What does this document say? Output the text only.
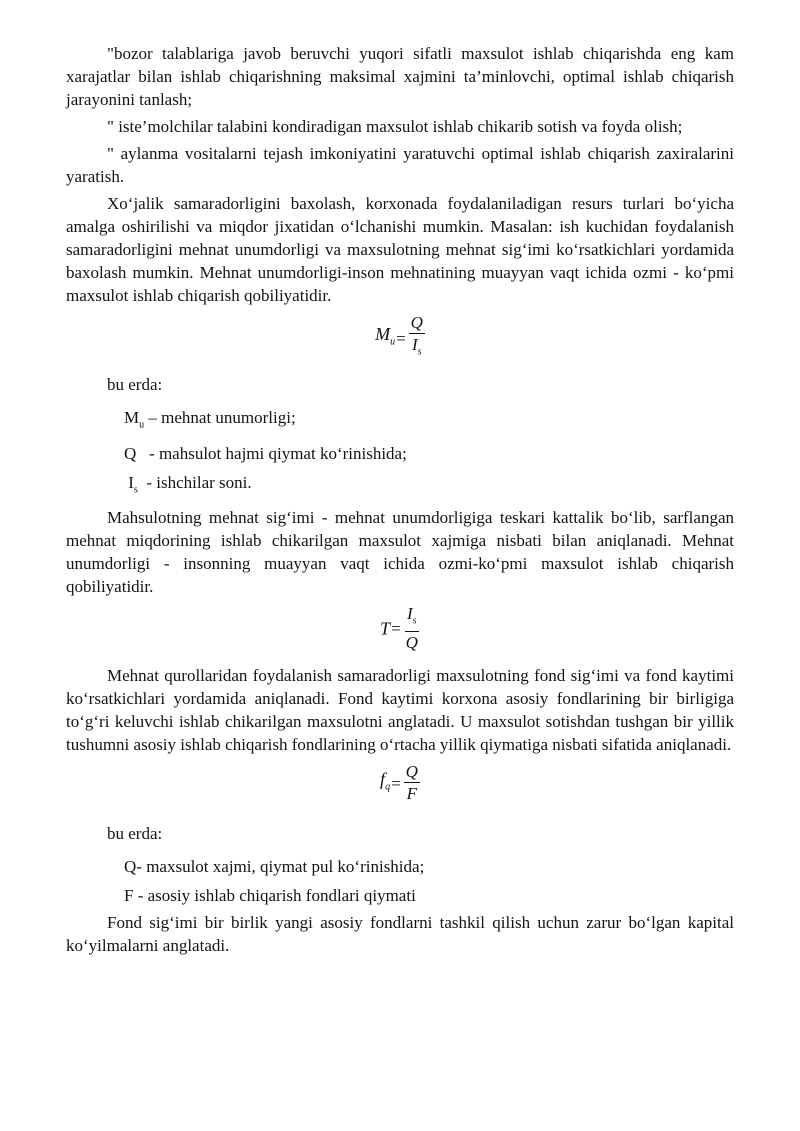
"bozor talablariga javob beruvchi yuqori sifatli maxsulot ishlab chiqarishda eng kam xarajatlar bilan ishlab chiqarishning maksimal xajmini ta’minlovchi, optimal ishlab chiqarish jarayonini tanlash;

" iste’molchilar talabini kondiradigan maxsulot ishlab chikarib sotish va foyda olish;

" aylanma vositalarni tejash imkoniyatini yaratuvchi optimal ishlab chiqarish zaxiralarini yaratish.

Xo‘jalik samaradorligini baxolash, korxonada foydalaniladigan resurs turlari bo‘yicha amalga oshirilishi va miqdor jixatidan o‘lchanishi mumkin. Masalan: ish kuchidan foydalanish samaradorligini mehnat unumdorligi va maxsulotning mehnat sig‘imi ko‘rsatkichlari yordamida baxolash mumkin. Mehnat unumdorligi-inson mehnatining muayyan vaqt ichida ozmi - ko‘pmi maxsulot ishlab chiqarish qobiliyatidir.

$M_u= \frac{Q}{I_s}$

bu erda:

$M_u$ – mehnat unumorligi;

Q   - mahsulot hajmi qiymat ko‘rinishida;

$I_s$  - ishchilar soni.

Mahsulotning mehnat sig‘imi - mehnat unumdorligiga teskari kattalik bo‘lib, sarflangan mehnat miqdorining ishlab chikarilgan maxsulot xajmiga nisbati bilan aniqlanadi. Mehnat unumdorligi - insonning muayyan vaqt ichida ozmi-ko‘pmi maxsulot ishlab chiqarish qobiliyatidir.

$T= \frac{I_s}{Q}$

Mehnat qurollaridan foydalanish samaradorligi maxsulotning fond sig‘imi va fond kaytimi ko‘rsatkichlari yordamida aniqlanadi. Fond kaytimi korxona asosiy fondlarining bir birligiga to‘g‘ri keluvchi ishlab chikarilgan maxsulotni anglatadi. U maxsulot sotishdan tushgan bir yillik tushumni asosiy ishlab chiqarish fondlarining o‘rtacha yillik qiymatiga nisbati sifatida aniqlanadi.

$f_q= \frac{Q}{F}$

bu erda:

Q- maxsulot xajmi, qiymat pul ko‘rinishida;

F - asosiy ishlab chiqarish fondlari qiymati

Fond sig‘imi bir birlik yangi asosiy fondlarni tashkil qilish uchun zarur bo‘lgan kapital ko‘yilmalarni anglatadi.
